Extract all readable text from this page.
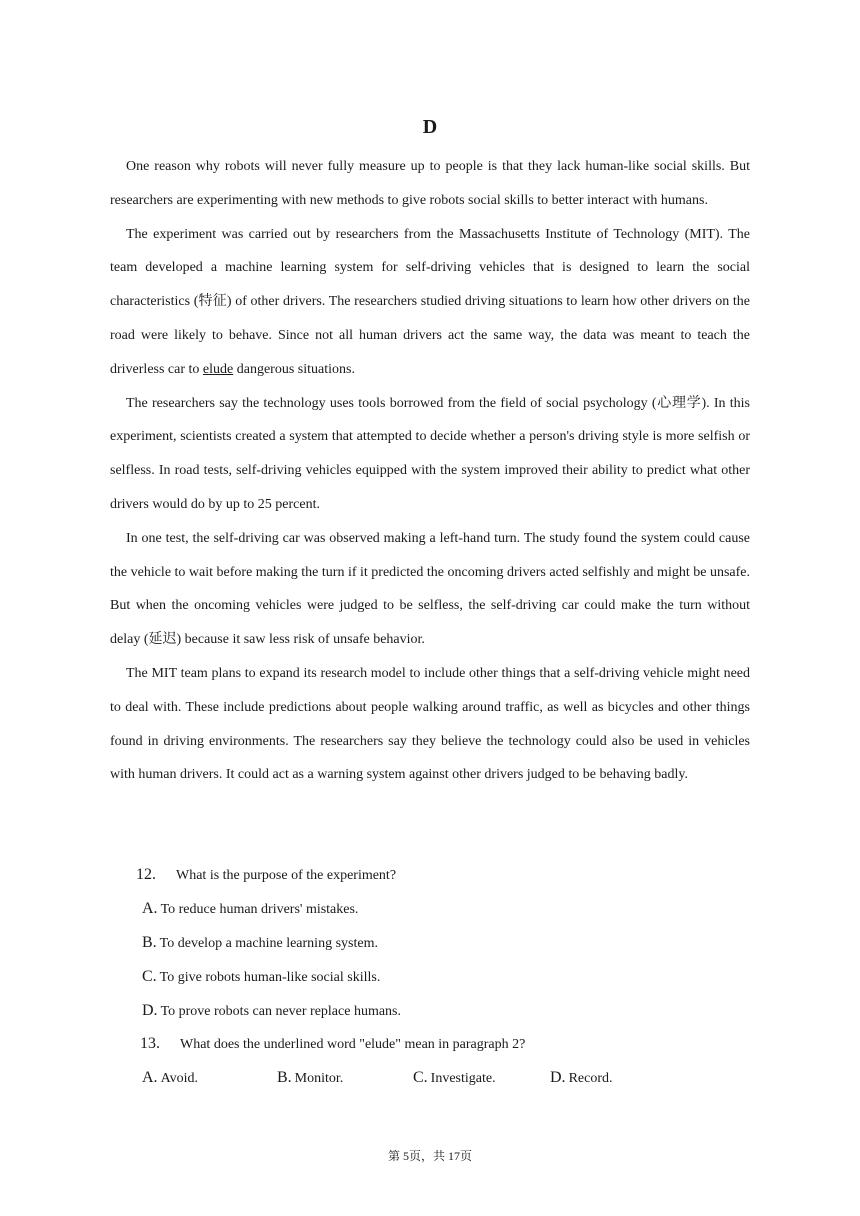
D

One reason why robots will never fully measure up to people is that they lack human-like social skills. But researchers are experimenting with new methods to give robots social skills to better interact with humans.

The experiment was carried out by researchers from the Massachusetts Institute of Technology (MIT). The team developed a machine learning system for self-driving vehicles that is designed to learn the social characteristics (特征) of other drivers. The researchers studied driving situations to learn how other drivers on the road were likely to behave. Since not all human drivers act the same way, the data was meant to teach the driverless car to elude dangerous situations.

The researchers say the technology uses tools borrowed from the field of social psychology (心理学). In this experiment, scientists created a system that attempted to decide whether a person's driving style is more selfish or selfless. In road tests, self-driving vehicles equipped with the system improved their ability to predict what other drivers would do by up to 25 percent.

In one test, the self-driving car was observed making a left-hand turn. The study found the system could cause the vehicle to wait before making the turn if it predicted the oncoming drivers acted selfishly and might be unsafe. But when the oncoming vehicles were judged to be selfless, the self-driving car could make the turn without delay (延迟) because it saw less risk of unsafe behavior.

The MIT team plans to expand its research model to include other things that a self-driving vehicle might need to deal with. These include predictions about people walking around traffic, as well as bicycles and other things found in driving environments. The researchers say they believe the technology could also be used in vehicles with human drivers. It could act as a warning system against other drivers judged to be behaving badly.

12.	What is the purpose of the experiment?
A. To reduce human drivers' mistakes.
B. To develop a machine learning system.
C. To give robots human-like social skills.
D. To prove robots can never replace humans.
13.	What does the underlined word "elude" mean in paragraph 2?
A. Avoid.	B. Monitor.	C. Investigate.	D. Record.
第 5页，共 17页
